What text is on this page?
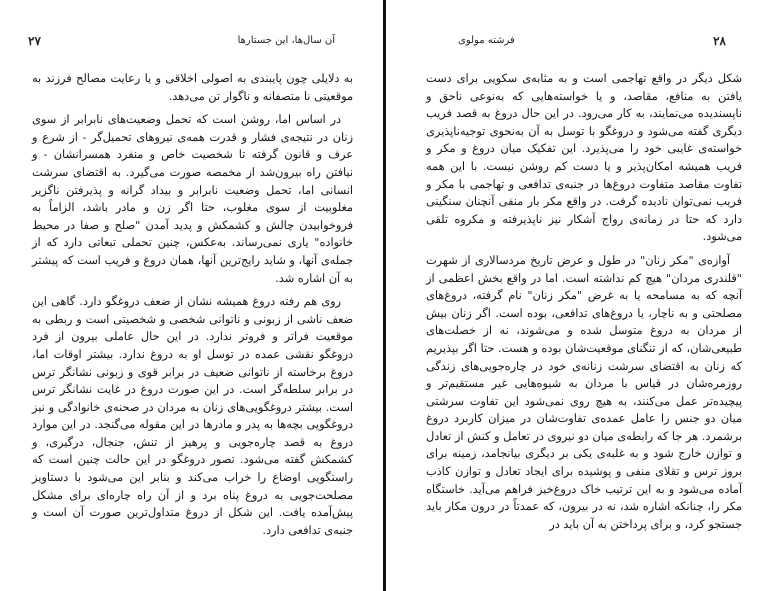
۲۷	آن سال‌ها، این جستارها

به دلایلی چون پایبندی به اصولی اخلاقی و یا رعایت مصالح فرزند به موقعیتی نا متصفانه و ناگوار تن می‌دهد.

در اساس اما، روشن است که تحمل وضعیت‌های نابرابر از سوی زنان در نتیجه‌ی فشار و قدرت همه‌ی نیروهای تحمیل‌گر - از شرع و عرف و قانون گرفته تا شخصیت خاص و منفرد همسرانشان - و نیافتن راه بیرون‌شد از مخمصه صورت می‌گیرد. به اقتضای سرشت انسانی اما، تحمل وضعیت نابرابر و بیداد گرانه و پذیرفتن ناگزیر مغلوبیت از سوی مغلوب، حتا اگر زن و مادر باشد، الزاماً به فروخوابیدن چالش و کشمکش و پدید آمدن "صلح و صفا در محیط خانواده" یاری نمی‌رساند. به‌عکس، چنین تحملی تبعاتی دارد که از جمله‌ی آنها، و شاید رایج‌ترین آنها، همان دروغ و فریب است که پیشتر به آن اشاره شد.

روی هم رفته دروغ همیشه نشان از ضعف دروغگو دارد. گاهی این ضعف ناشی از زبونی و ناتوانی شخصی و شخصیتی است و ربطی به موقعیت فراتر و فروتر ندارد. در این حال عاملی بیرون از فرد دروغگو نقشی عمده در توسل او به دروغ ندارد. بیشتر اوقات اما، دروغ برخاسته از ناتوانی ضعیف در برابر قوی و زبونی نشانگر ترس در برابر سلطه‌گر است. در این صورت دروغ در غایت نشانگر ترس است. بیشتر دروغگویی‌های زنان به مردان در صحنه‌ی خانوادگی و نیز دروغگویی بچه‌ها به پدر و مادرها در این مقوله می‌گنجد. در این موارد دروغ به قصد چاره‌جویی و پرهیز از تنش، جنجال، درگیری، و کشمکش گفته می‌شود. تصور دروغگو در این حالت چنین است که راستگویی اوضاع را خراب می‌کند و بنابر این می‌شود با دستاویز مصلحت‌جویی به دروغ پناه برد و از آن راه چاره‌ای برای مشکل پیش‌آمده یافت. این شکل از دروغ متداول‌ترین صورت آن است و جنبه‌ی تدافعی دارد.

فرشته مولوی	۲۸

شکل دیگر در واقع تهاجمی است و به مثابه‌ی سکویی برای دست یافتن به منافع، مقاصد، و یا خواسته‌هایی که به‌نوعی ناحق و ناپسندیده می‌نمایند، به کار می‌رود. در این حال دروغ به قصد فریب دیگری گفته می‌شود و دروغگو با توسل به آن به‌نحوی توجیه‌ناپذیری خواسته‌ی غایبی خود را می‌پذیرد. این تفکیک میان دروغ و مکر و فریب همیشه امکان‌پذیر و یا دست کم روشن نیست. با این همه تفاوت مقاصد متفاوت دروغ‌ها در جنبه‌ی تدافعی و تهاجمی با مکر و فریب نمی‌توان نادیده گرفت. در واقع مکر بار منفی آنچنان سنگینی دارد که حتا در زمانه‌ی رواج آشکار نیز ناپذیرفته و مکروه تلقی می‌شود.

آوازه‌ی "مکر زنان" در طول و عرض تاریخ مردسالاری از شهرت "قلندری مردان" هیچ کم نداشته است. اما در واقع بخش اعظمی از آنچه که به مسامحه یا به غرض "مکر زنان" نام گرفته، دروغ‌های مصلحتی و به ناچار، یا دروغ‌های تدافعی، بوده است. اگر زنان بیش از مردان به دروغ متوسل شده و می‌شوند، نه از خصلت‌های طبیعی‌شان، که از تنگنای موقعیت‌شان بوده و هست. حتا اگر بپذیریم که زنان به اقتضای سرشت زنانه‌ی خود در چاره‌جویی‌های زندگی روزمره‌شان در قیاس با مردان به شیوه‌هایی غیر مستقیم‌تر و پیچیده‌تر عمل می‌کنند، به هیچ روی نمی‌شود این تفاوت سرشتی میان دو جنس را عامل عمده‌ی تفاوت‌شان در میزان کاربرد دروغ برشمرد. هر جا که رابطه‌ی میان دو نیروی در تعامل و کنش از تعادل و توازن خارج شود و به غلبه‌ی یکی بر دیگری بیانجامد، زمینه برای بروز ترس و تقلای منفی و پوشیده برای ایجاد تعادل و توازن کاذب آماده می‌شود و به این ترتیب خاک دروغ‌خیز فراهم می‌آید. خاستگاه مکر را، چنانکه اشاره شد، نه در بیرون، که عمدتاً در درون مکار باید جستجو کرد، و برای پرداختن به آن باید در
